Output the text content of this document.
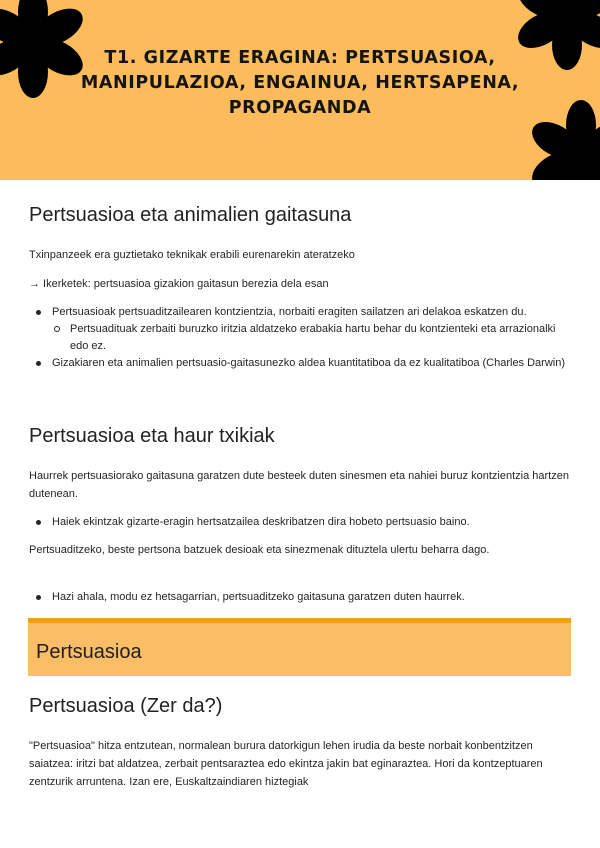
T1. GIZARTE ERAGINA: PERTSUASIOA, MANIPULAZIOA, ENGAINUA, HERTSAPENA, PROPAGANDA
Pertsuasioa eta animalien gaitasuna

Txinpanzeek era guztietako teknikak erabili eurenarekin ateratzeko

→ Ikerketek: pertsuasioa gizakion gaitasun berezia dela esan

Pertsuasioak pertsuaditzailearen kontzientzia, norbaiti eragiten sailatzen ari delakoa eskatzen du.
Pertsuadituak zerbaiti buruzko iritzia aldatzeko erabakia hartu behar du kontzienteki eta arrazionalki edo ez.
Gizakiaren eta animalien pertsuasio-gaitasunezko aldea kuantitatiboa da ez kualitatiboa (Charles Darwin)
Pertsuasioa eta haur txikiak

Haurrek pertsuasiorako gaitasuna garatzen dute besteek duten sinesmen eta nahiei buruz kontzientzia hartzen dutenean.

Haiek ekintzak gizarte-eragin hertsatzailea deskribatzen dira hobeto pertsuasio baino.

Pertsuaditzeko, beste pertsona batzuek desioak eta sinezmenak dituztela ulertu beharra dago.

Hazi ahala, modu ez hetsagarrian, pertsuaditzeko gaitasuna garatzen duten haurrek.
Pertsuasioa
Pertsuasioa (Zer da?)

"Pertsuasioa" hitza entzutean, normalean burura datorkigun lehen irudia da beste norbait konbentzitzen saiatzea: iritzi bat aldatzea, zerbait pentsaraztea edo ekintza jakin bat eginaraztea. Hori da kontzeptuaren zentzurik arruntena. Izan ere, Euskaltzaindiaren hiztegiak
